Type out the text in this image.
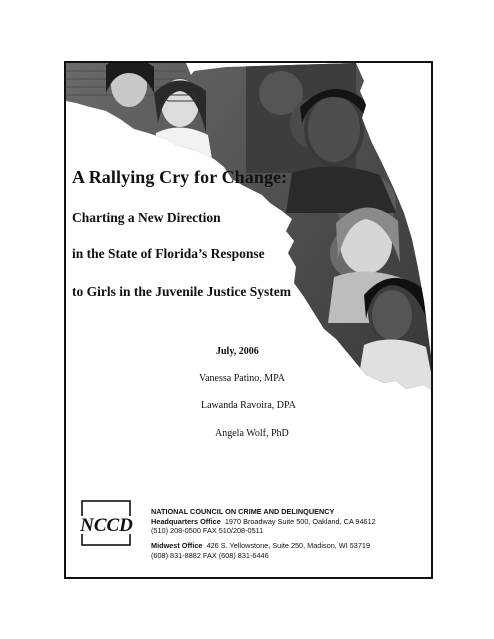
A Rallying Cry for Change:
Charting a New Direction
in the State of Florida’s Response
to Girls in the Juvenile Justice System

July, 2006

Vanessa Patino, MPA

Lawanda Ravoira, DPA

Angela Wolf, PhD

NCCD
NATIONAL COUNCIL ON CRIME AND DELINQUENCY
Headquarters Office 1970 Broadway Suite 500, Oakland, CA 94612
(510) 208-0500 FAX 510/208-0511
Midwest Office 426 S. Yellowstone, Suite 250, Madison, WI 53719
(608) 831-8882 FAX (608) 831-6446
